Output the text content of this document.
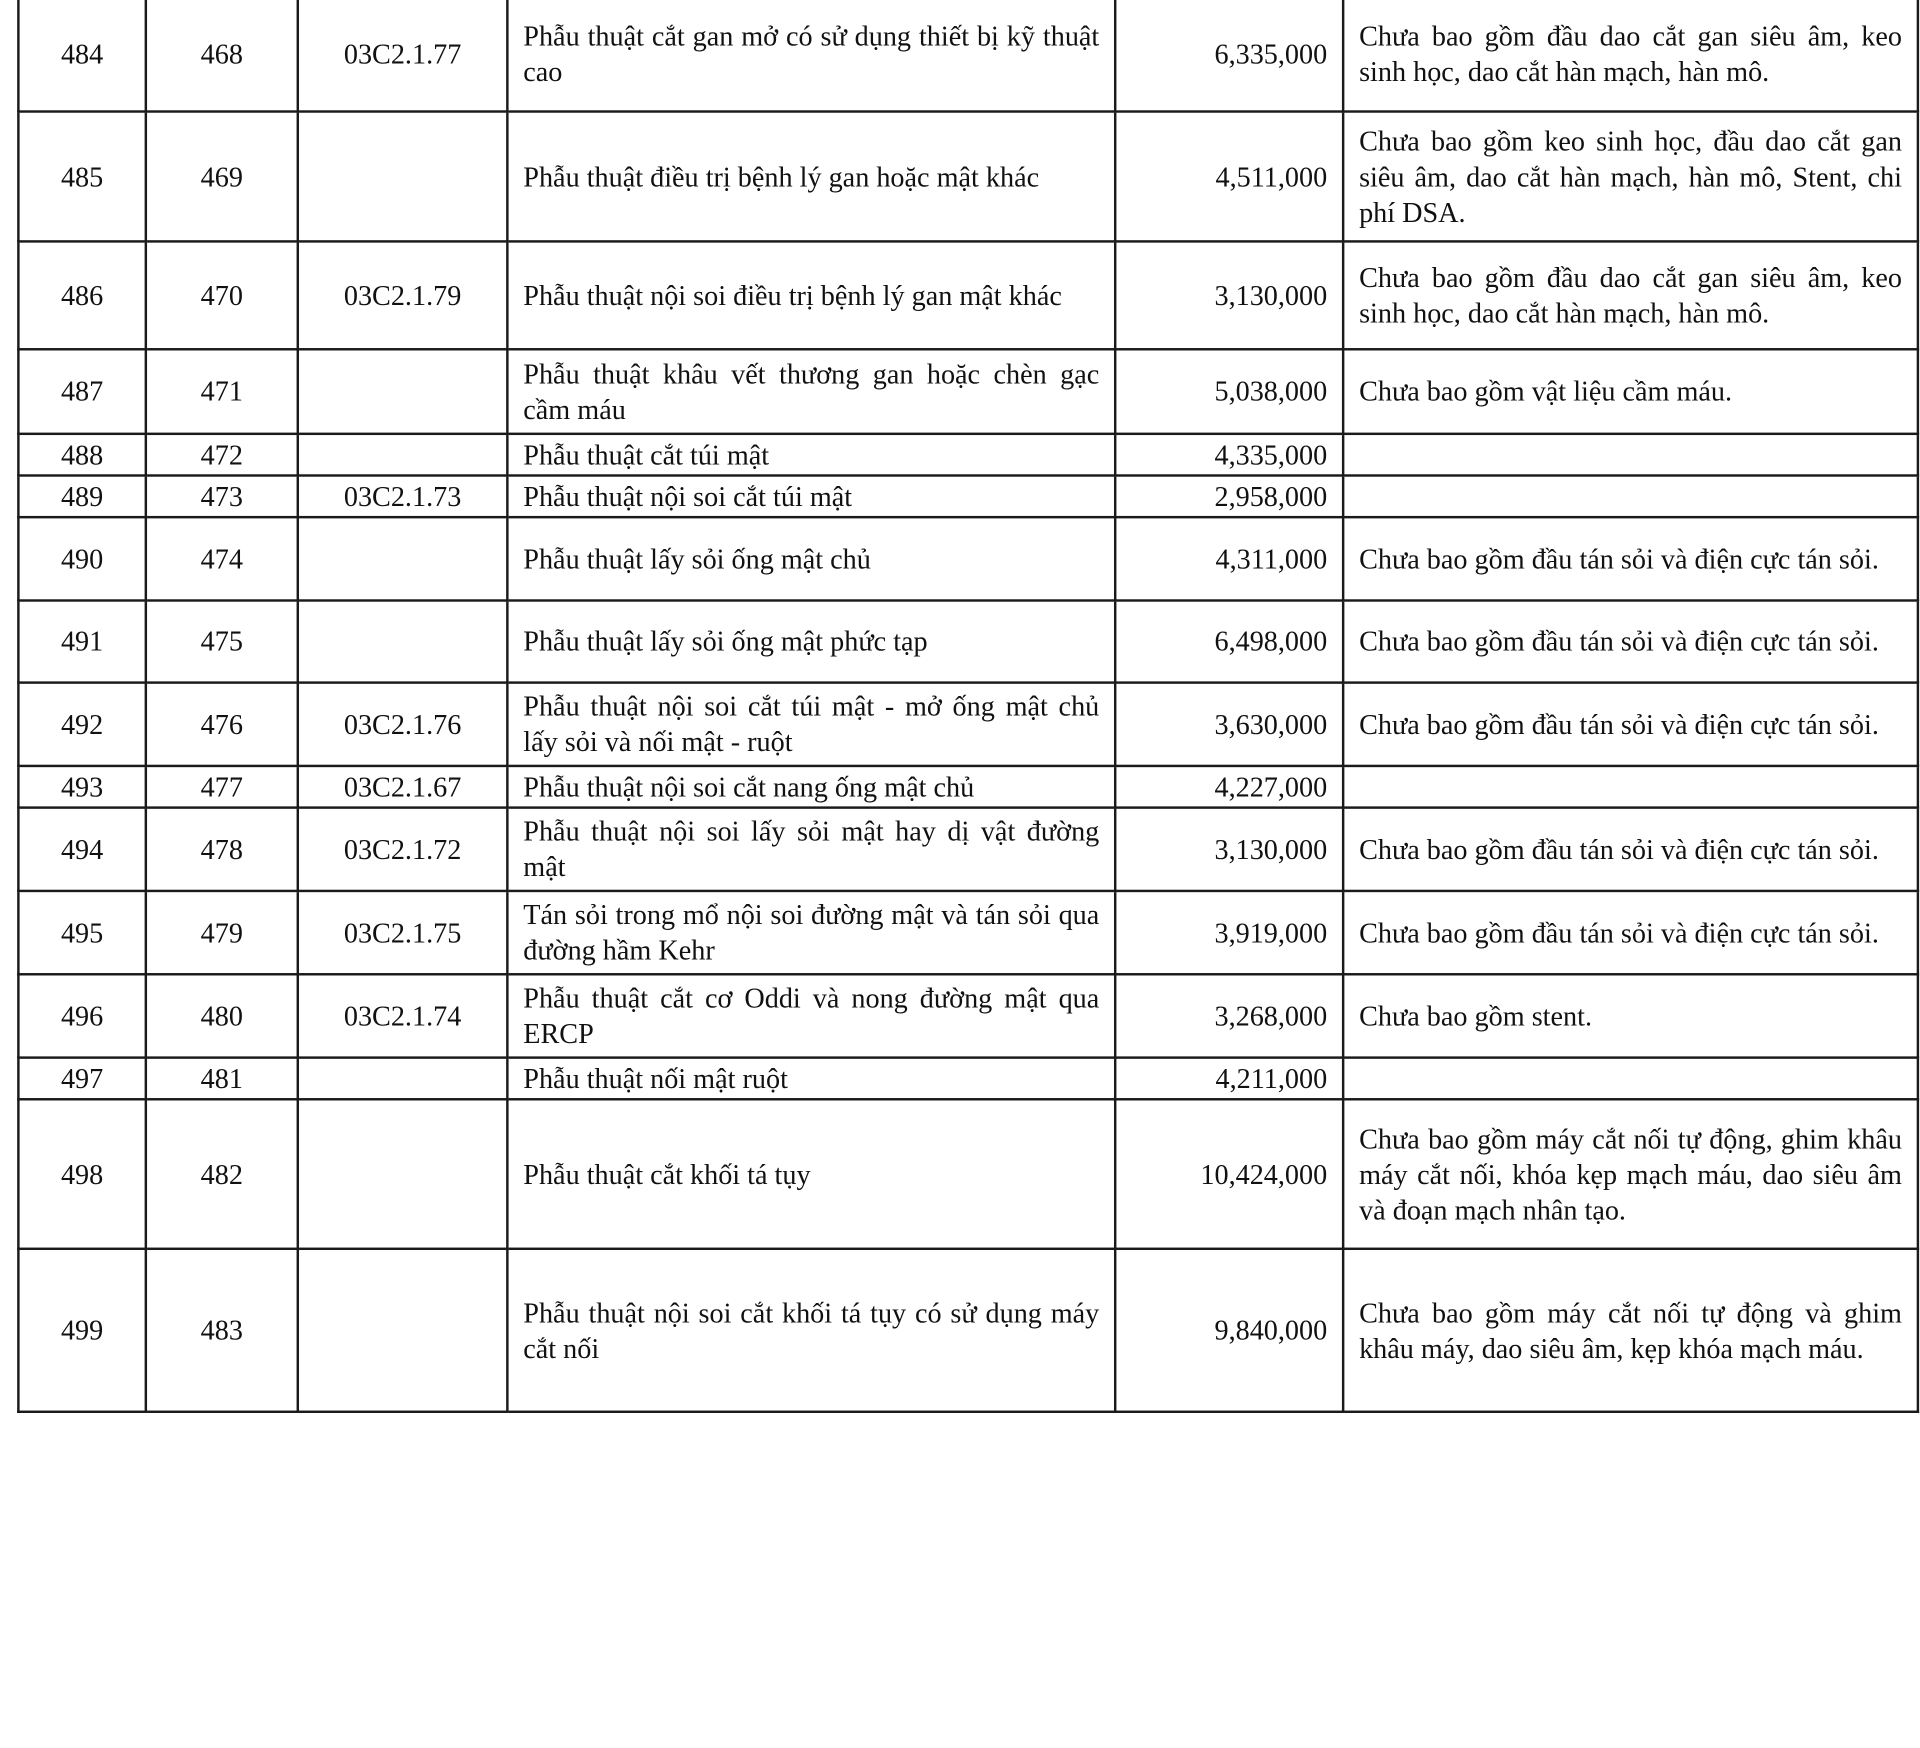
484	468	03C2.1.77	Phẫu thuật cắt gan mở có sử dụng thiết bị kỹ thuật cao	6,335,000	Chưa bao gồm đầu dao cắt gan siêu âm, keo sinh học, dao cắt hàn mạch, hàn mô.
485	469		Phẫu thuật điều trị bệnh lý gan hoặc mật khác	4,511,000	Chưa bao gồm keo sinh học, đầu dao cắt gan siêu âm, dao cắt hàn mạch, hàn mô, Stent, chi phí DSA.
486	470	03C2.1.79	Phẫu thuật nội soi điều trị bệnh lý gan mật khác	3,130,000	Chưa bao gồm đầu dao cắt gan siêu âm, keo sinh học, dao cắt hàn mạch, hàn mô.
487	471		Phẫu thuật khâu vết thương gan hoặc chèn gạc cầm máu	5,038,000	Chưa bao gồm vật liệu cầm máu.
488	472		Phẫu thuật cắt túi mật	4,335,000	
489	473	03C2.1.73	Phẫu thuật nội soi cắt túi mật	2,958,000	
490	474		Phẫu thuật lấy sỏi ống mật chủ	4,311,000	Chưa bao gồm đầu tán sỏi và điện cực tán sỏi.
491	475		Phẫu thuật lấy sỏi ống mật phức tạp	6,498,000	Chưa bao gồm đầu tán sỏi và điện cực tán sỏi.
492	476	03C2.1.76	Phẫu thuật nội soi cắt túi mật - mở ống mật chủ lấy sỏi và nối mật - ruột	3,630,000	Chưa bao gồm đầu tán sỏi và điện cực tán sỏi.
493	477	03C2.1.67	Phẫu thuật nội soi cắt nang ống mật chủ	4,227,000	
494	478	03C2.1.72	Phẫu thuật nội soi lấy sỏi mật hay dị vật đường mật	3,130,000	Chưa bao gồm đầu tán sỏi và điện cực tán sỏi.
495	479	03C2.1.75	Tán sỏi trong mổ nội soi đường mật và tán sỏi qua đường hầm Kehr	3,919,000	Chưa bao gồm đầu tán sỏi và điện cực tán sỏi.
496	480	03C2.1.74	Phẫu thuật cắt cơ Oddi và nong đường mật qua ERCP	3,268,000	Chưa bao gồm stent.
497	481		Phẫu thuật nối mật ruột	4,211,000	
498	482		Phẫu thuật cắt khối tá tụy	10,424,000	Chưa bao gồm máy cắt nối tự động, ghim khâu máy cắt nối, khóa kẹp mạch máu, dao siêu âm và đoạn mạch nhân tạo.
499	483		Phẫu thuật nội soi cắt khối tá tụy có sử dụng máy cắt nối	9,840,000	Chưa bao gồm máy cắt nối tự động và ghim khâu máy, dao siêu âm, kẹp khóa mạch máu.
